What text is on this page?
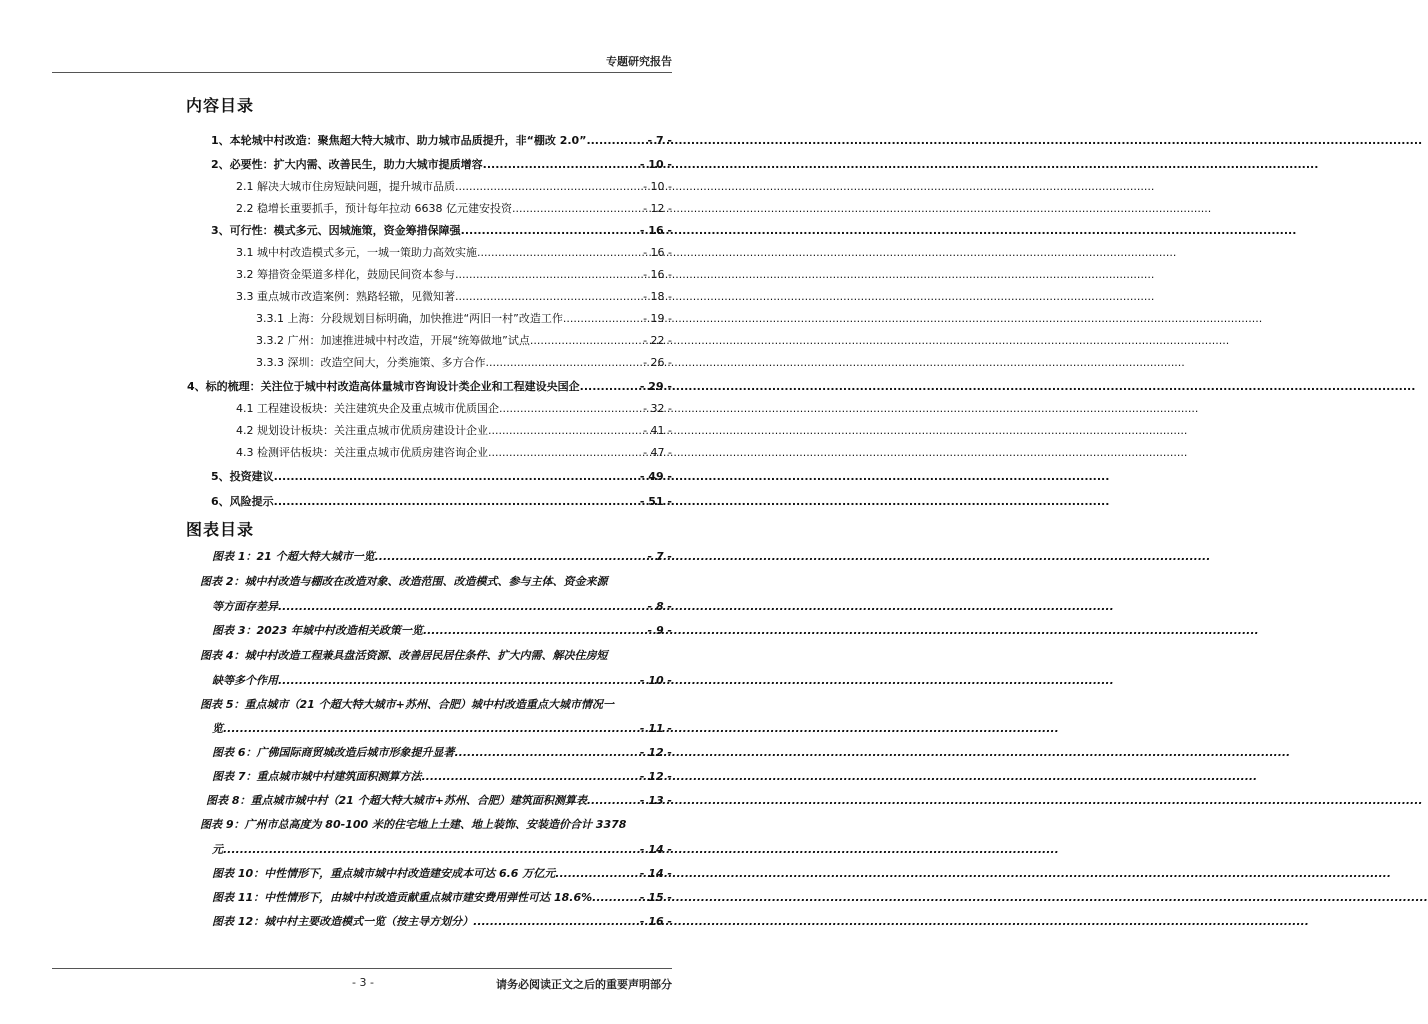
专题研究报告
内容目录
1、本轮城中村改造：聚焦超大特大城市、助力城市品质提升，非“棚改 2.0” .....	- 7 -
2、必要性：扩大内需、改善民生，助力大城市提质增容 .....	- 10 -
2.1 解决大城市住房短缺问题，提升城市品质 .....	- 10 -
2.2 稳增长重要抓手，预计每年拉动 6638 亿元建安投资 .....	- 12 -
3、可行性：模式多元、因城施策，资金筹措保障强 .....	- 16 -
3.1 城中村改造模式多元，一城一策助力高效实施 .....	- 16 -
3.2 筹措资金渠道多样化，鼓励民间资本参与 .....	- 16 -
3.3 重点城市改造案例：熟路轻辙，见微知著 .....	- 18 -
3.3.1 上海：分段规划目标明确，加快推进“两旧一村”改造工作 .....	- 19 -
3.3.2 广州：加速推进城中村改造，开展“统筹做地”试点 .....	- 22 -
3.3.3 深圳：改造空间大，分类施策、多方合作 .....	- 26 -
4、标的梳理：关注位于城中村改造高体量城市咨询设计类企业和工程建设央国企 .....	- 29 -
4.1 工程建设板块：关注建筑央企及重点城市优质国企 .....	- 32 -
4.2 规划设计板块：关注重点城市优质房建设计企业 .....	- 41 -
4.3 检测评估板块：关注重点城市优质房建咨询企业 .....	- 47 -
5、投资建议 .....	- 49 -
6、风险提示 .....	- 51 -
图表目录
图表 1：21 个超大特大城市一览 .....	- 7 -
图表 2：城中村改造与棚改在改造对象、改造范围、改造模式、参与主体、资金来源
等方面存差异 .....	- 8 -
图表 3：2023 年城中村改造相关政策一览 .....	- 9 -
图表 4：城中村改造工程兼具盘活资源、改善居民居住条件、扩大内需、解决住房短
缺等多个作用 .....	- 10 -
图表 5：重点城市（21 个超大特大城市+苏州、合肥）城中村改造重点大城市情况一
览 .....	- 11 -
图表 6：广佛国际商贸城改造后城市形象提升显著 .....	- 12 -
图表 7：重点城市城中村建筑面积测算方法 .....	- 12 -
图表 8：重点城市城中村（21 个超大特大城市+苏州、合肥）建筑面积测算表 .....	- 13 -
图表 9：广州市总高度为 80-100 米的住宅地上土建、地上装饰、安装造价合计 3378
元 .....	- 14 -
图表 10：中性情形下，重点城市城中村改造建安成本可达 6.6 万亿元 .....	- 14 -
图表 11：中性情形下，由城中村改造贡献重点城市建安费用弹性可达 18.6% .....	- 15 -
图表 12：城中村主要改造模式一览（按主导方划分） .....	- 16 -
- 3 -	请务必阅读正文之后的重要声明部分
